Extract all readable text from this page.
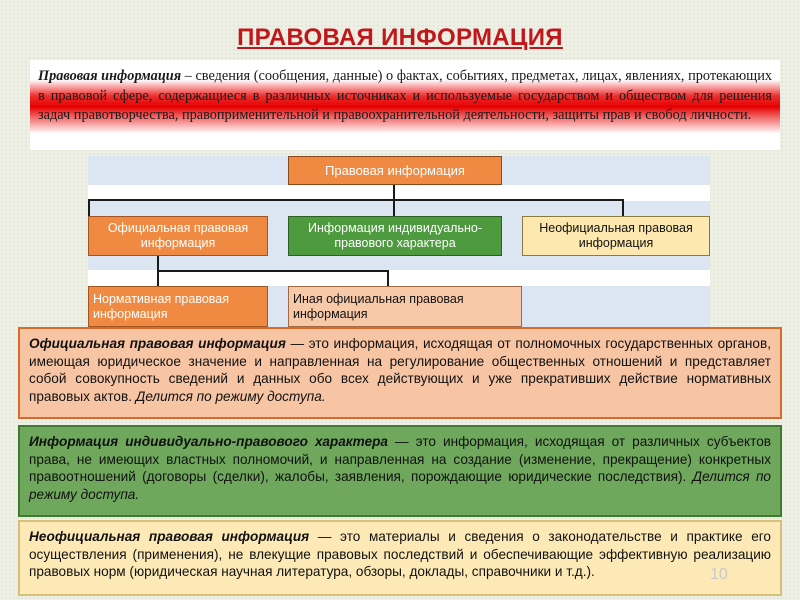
ПРАВОВАЯ ИНФОРМАЦИЯ
Правовая информация – сведения (сообщения, данные) о фактах, событиях, предметах, лицах, явлениях, протекающих в правовой сфере, содержащиеся в различных источниках и используемые государством и обществом для решения задач правотворчества, правоприменительной и правоохранительной деятельности, защиты прав и свобод личности.
Правовая информация
Официальная правовая информация
Информация индивидуально-правового характера
Неофициальная правовая информация
Нормативная правовая информация
Иная официальная правовая информация
Официальная правовая информация — это информация, исходящая от полномочных государственных органов, имеющая юридическое значение и направленная на регулирование общественных отношений и представляет собой совокупность сведений и данных обо всех действующих и уже прекративших действие нормативных правовых актов. Делится по режиму доступа.
Информация индивидуально-правового характера — это информация, исходящая от различных субъектов права, не имеющих властных полномочий, и направленная на создание (изменение, прекращение) конкретных правоотношений (договоры (сделки), жалобы, заявления, порождающие юридические последствия). Делится по режиму доступа.
Неофициальная правовая информация — это материалы и сведения о законодательстве и практике его осуществления (применения), не влекущие правовых последствий и обеспечивающие эффективную реализацию правовых норм (юридическая научная литература, обзоры, доклады, справочники и т.д.).	10
